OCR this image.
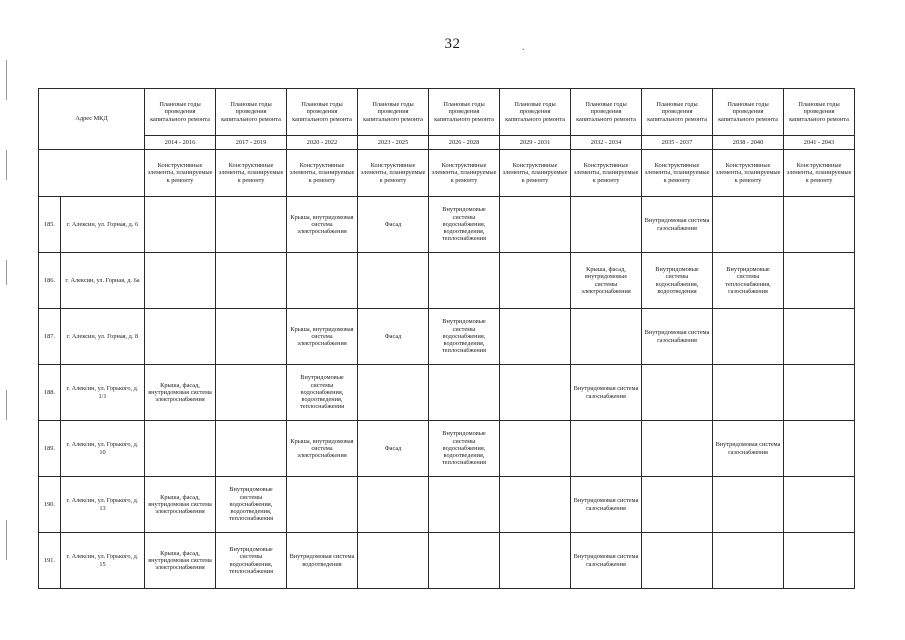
32	.
Адрес МКД		Плановые годы проведения капитального ремонта	Плановые годы проведения капитального ремонта	Плановые годы проведения капитального ремонта	Плановые годы проведения капитального ремонта	Плановые годы проведения капитального ремонта	Плановые годы проведения капитального ремонта	Плановые годы проведения капитального ремонта	Плановые годы проведения капитального ремонта	Плановые годы проведения капитального ремонта	Плановые годы проведения капитального ремонта
		2014 - 2016	2017 - 2019	2020 - 2022	2023 - 2025	2026 - 2028	2029 - 2031	2032 - 2034	2035 - 2037	2038 - 2040	2041 - 2043
		Конструктивные элементы, планируемые к ремонту	Конструктивные элементы, планируемые к ремонту	Конструктивные элементы, планируемые к ремонту	Конструктивные элементы, планируемые к ремонту	Конструктивные элементы, планируемые к ремонту	Конструктивные элементы, планируемые к ремонту	Конструктивные элементы, планируемые к ремонту	Конструктивные элементы, планируемые к ремонту	Конструктивные элементы, планируемые к ремонту	Конструктивные элементы, планируемые к ремонту
185.	г. Алексин, ул. Горная, д. 6			Крыша, внутридомовая система электроснабжения	Фасад	Внутридомовые системы водоснабжения, водоотведения, теплоснабжения			Внутридомовая система газоснабжения		
186.	г. Алексин, ул. Горная, д. 6а							Крыша, фасад, внутридомовые системы электроснабжения	Внутридомовые системы водоснабжения, водоотведения	Внутридомовые системы теплоснабжения, газоснабжения	
187.	г. Алексин, ул. Горная, д. 8			Крыша, внутридомовая система электроснабжения	Фасад	Внутридомовые системы водоснабжения, водоотведения, теплоснабжения			Внутридомовая система газоснабжения		
188.	г. Алексин, ул. Горького, д. 1/1	Крыша, фасад, внутридомовая система электроснабжения		Внутридомовые системы водоснабжения, водоотведения, теплоснабжения				Внутридомовая система газоснабжения			
189.	г. Алексин, ул. Горького, д. 10			Крыша, внутридомовая система электроснабжения	Фасад	Внутридомовые системы водоснабжения, водоотведения, теплоснабжения				Внутридомовая система газоснабжения	
190.	г. Алексин, ул. Горького, д. 13	Крыша, фасад, внутридомовая система электроснабжения	Внутридомовые системы водоснабжения, водоотведения, теплоснабжения					Внутридомовая система газоснабжения			
191.	г. Алексин, ул. Горького, д. 15	Крыша, фасад, внутридомовая система электроснабжения	Внутридомовые системы водоснабжения, теплоснабжения	Внутридомовая система водоотведения				Внутридомовая система газоснабжения			
